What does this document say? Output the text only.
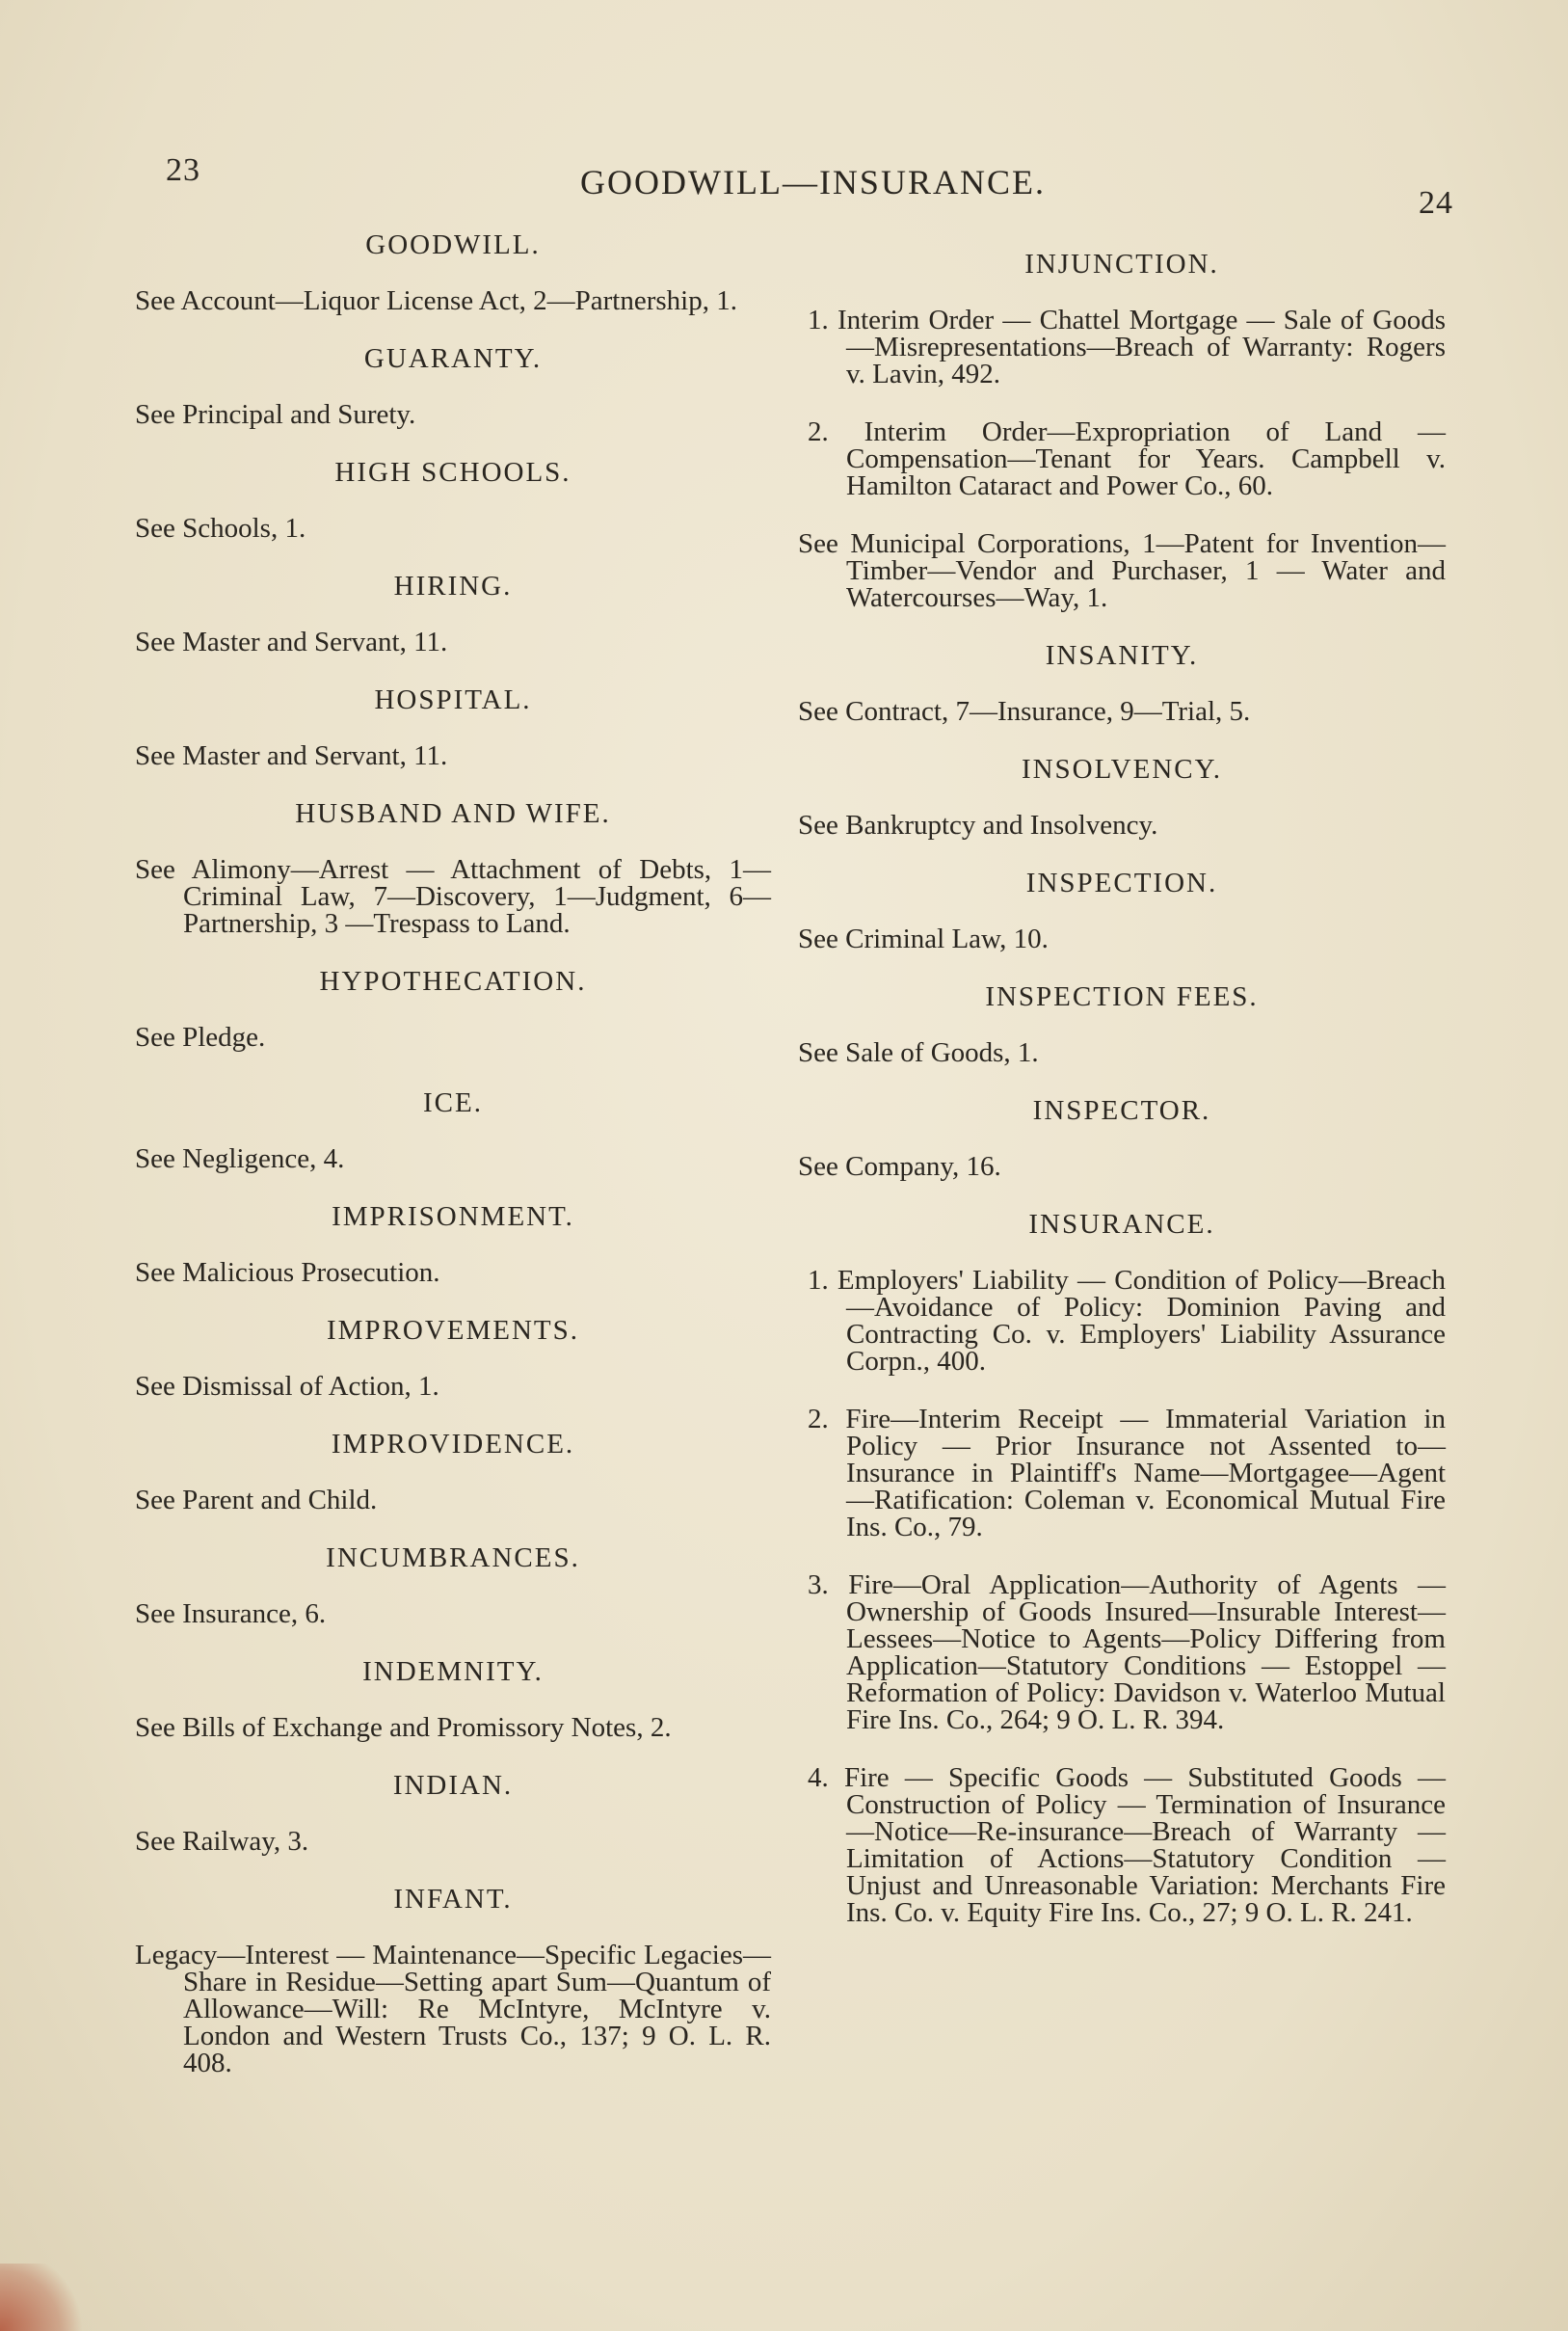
23	GOODWILL—INSURANCE.
24
GOODWILL.
See Account—Liquor License Act, 2—Partnership, 1.
GUARANTY.
See Principal and Surety.
HIGH SCHOOLS.
See Schools, 1.
HIRING.
See Master and Servant, 11.
HOSPITAL.
See Master and Servant, 11.
HUSBAND AND WIFE.
See Alimony—Arrest — Attachment of Debts, 1—Criminal Law, 7—Discovery, 1—Judgment, 6—Partnership, 3 —Trespass to Land.
HYPOTHECATION.
See Pledge.
ICE.
See Negligence, 4.
IMPRISONMENT.
See Malicious Prosecution.
IMPROVEMENTS.
See Dismissal of Action, 1.
IMPROVIDENCE.
See Parent and Child.
INCUMBRANCES.
See Insurance, 6.
INDEMNITY.
See Bills of Exchange and Promissory Notes, 2.
INDIAN.
See Railway, 3.
INFANT.
Legacy—Interest — Maintenance—Specific Legacies—Share in Residue—Setting apart Sum—Quantum of Allowance—Will: Re McIntyre, McIntyre v. London and Western Trusts Co., 137; 9 O. L. R. 408.
INJUNCTION.
1. Interim Order — Chattel Mortgage — Sale of Goods—Misrepresentations—Breach of Warranty: Rogers v. Lavin, 492.
2. Interim Order—Expropriation of Land —Compensation—Tenant for Years. Campbell v. Hamilton Cataract and Power Co., 60.
See Municipal Corporations, 1—Patent for Invention—Timber—Vendor and Purchaser, 1 — Water and Watercourses—Way, 1.
INSANITY.
See Contract, 7—Insurance, 9—Trial, 5.
INSOLVENCY.
See Bankruptcy and Insolvency.
INSPECTION.
See Criminal Law, 10.
INSPECTION FEES.
See Sale of Goods, 1.
INSPECTOR.
See Company, 16.
INSURANCE.
1. Employers' Liability — Condition of Policy—Breach—Avoidance of Policy: Dominion Paving and Contracting Co. v. Employers' Liability Assurance Corpn., 400.
2. Fire—Interim Receipt — Immaterial Variation in Policy — Prior Insurance not Assented to—Insurance in Plaintiff's Name—Mortgagee—Agent —Ratification: Coleman v. Economical Mutual Fire Ins. Co., 79.
3. Fire—Oral Application—Authority of Agents — Ownership of Goods Insured—Insurable Interest—Lessees—Notice to Agents—Policy Differing from Application—Statutory Conditions — Estoppel — Reformation of Policy: Davidson v. Waterloo Mutual Fire Ins. Co., 264; 9 O. L. R. 394.
4. Fire — Specific Goods — Substituted Goods — Construction of Policy — Termination of Insurance—Notice—Re-insurance—Breach of Warranty —Limitation of Actions—Statutory Condition — Unjust and Unreasonable Variation: Merchants Fire Ins. Co. v. Equity Fire Ins. Co., 27; 9 O. L. R. 241.
